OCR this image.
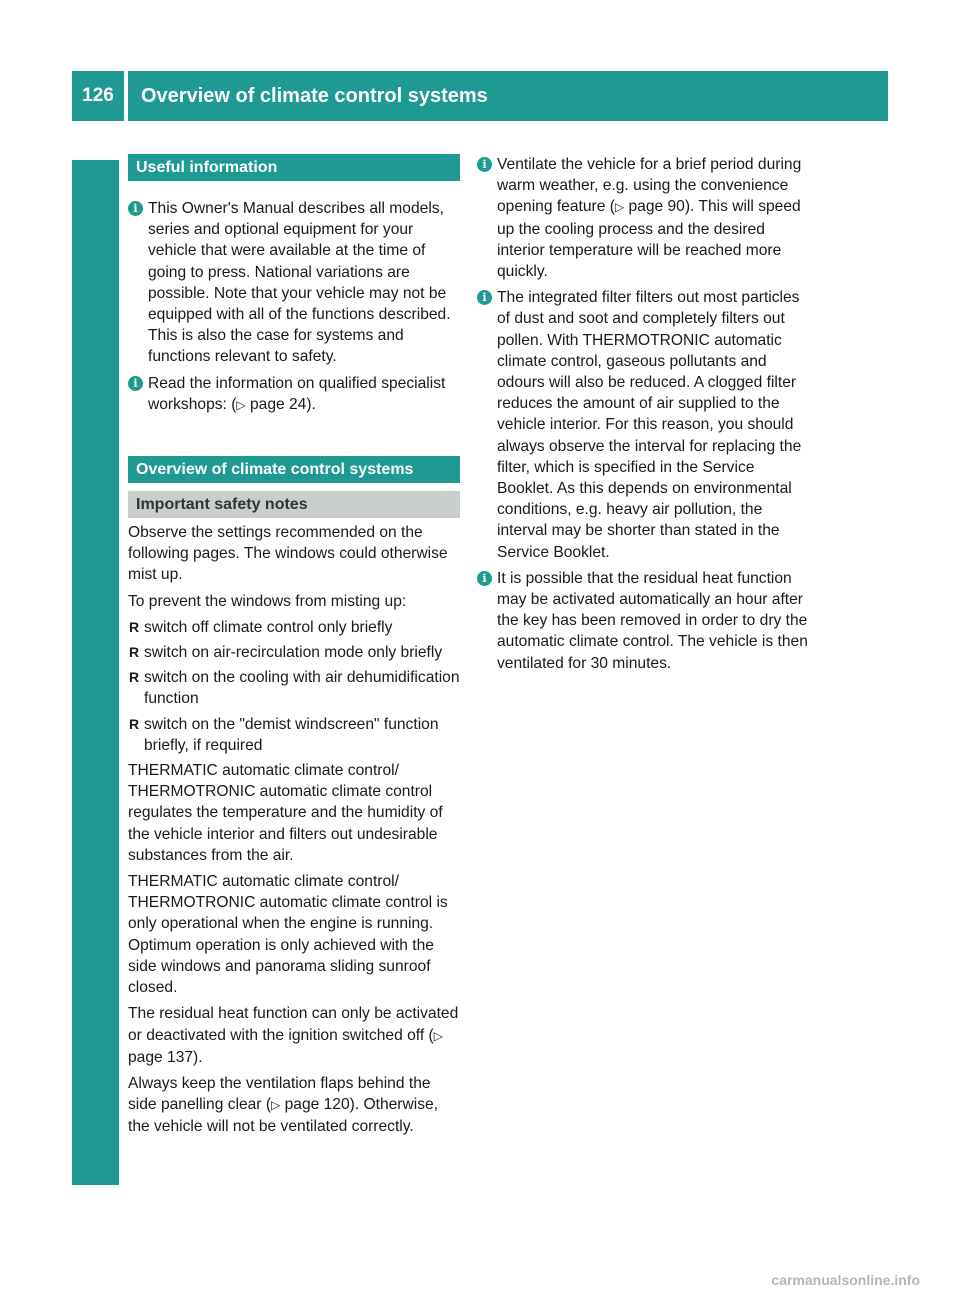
126	Overview of climate control systems
Climate control
Useful information
i This Owner's Manual describes all models, series and optional equipment for your vehicle that were available at the time of going to press. National variations are possible. Note that your vehicle may not be equipped with all of the functions described. This is also the case for systems and functions relevant to safety.

i Read the information on qualified specialist workshops: (▷ page 24).

Overview of climate control systems
Important safety notes

Observe the settings recommended on the following pages. The windows could otherwise mist up.

To prevent the windows from misting up:

R switch off climate control only briefly

R switch on air-recirculation mode only briefly

R switch on the cooling with air dehumidification function

R switch on the "demist windscreen" function briefly, if required

THERMATIC automatic climate control/ THERMOTRONIC automatic climate control regulates the temperature and the humidity of the vehicle interior and filters out undesirable substances from the air.

THERMATIC automatic climate control/ THERMOTRONIC automatic climate control is only operational when the engine is running. Optimum operation is only achieved with the side windows and panorama sliding sunroof closed.

The residual heat function can only be activated or deactivated with the ignition switched off (▷ page 137).

Always keep the ventilation flaps behind the side panelling clear (▷ page 120). Otherwise, the vehicle will not be ventilated correctly.

i Ventilate the vehicle for a brief period during warm weather, e.g. using the convenience opening feature (▷ page 90). This will speed up the cooling process and the desired interior temperature will be reached more quickly.

i The integrated filter filters out most particles of dust and soot and completely filters out pollen. With THERMOTRONIC automatic climate control, gaseous pollutants and odours will also be reduced. A clogged filter reduces the amount of air supplied to the vehicle interior. For this reason, you should always observe the interval for replacing the filter, which is specified in the Service Booklet. As this depends on environmental conditions, e.g. heavy air pollution, the interval may be shorter than stated in the Service Booklet.

i It is possible that the residual heat function may be activated automatically an hour after the key has been removed in order to dry the automatic climate control. The vehicle is then ventilated for 30 minutes.

carmanualsonline.info
